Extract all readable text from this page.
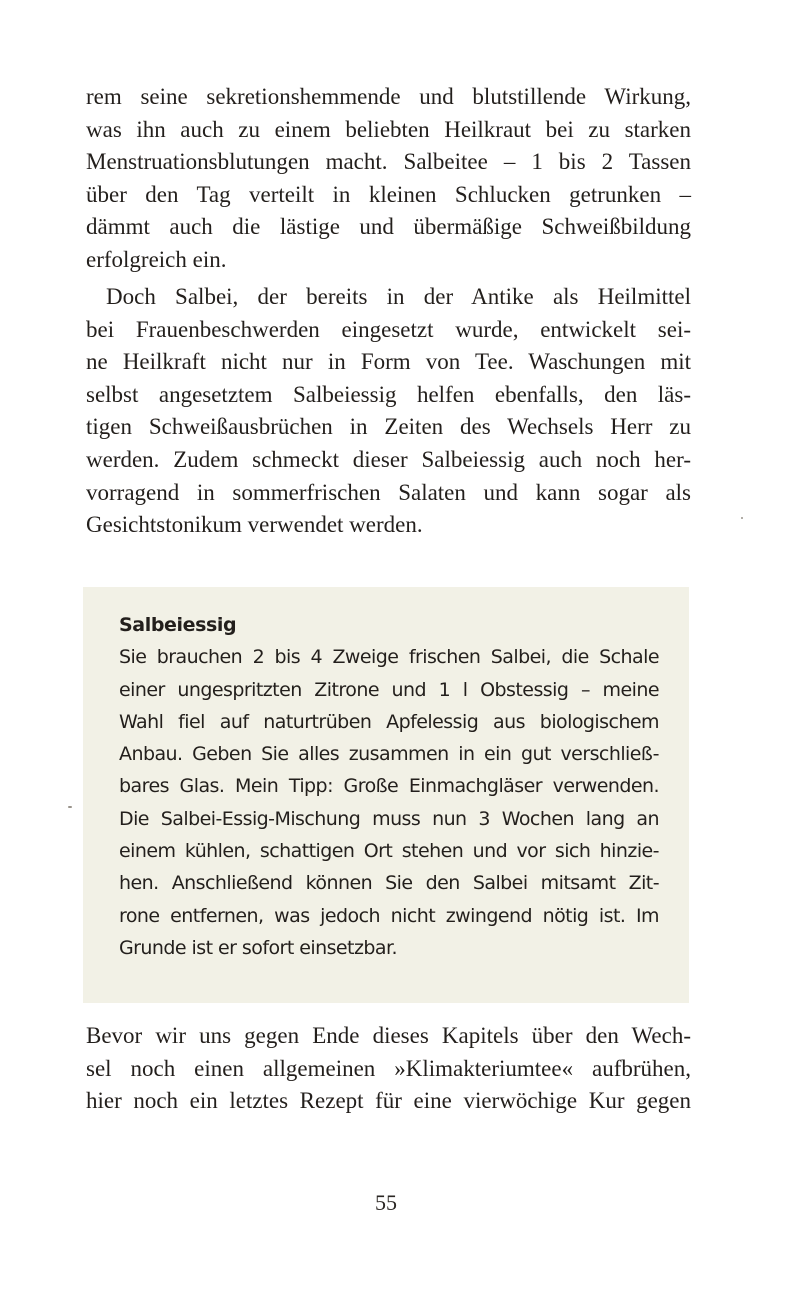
rem seine sekretionshemmende und blutstillende Wirkung,
was ihn auch zu einem beliebten Heilkraut bei zu starken
Menstruationsblutungen macht. Salbeitee – 1 bis 2 Tassen
über den Tag verteilt in kleinen Schlucken getrunken –
dämmt auch die lästige und übermäßige Schweißbildung
erfolgreich ein.

Doch Salbei, der bereits in der Antike als Heilmittel
bei Frauenbeschwerden eingesetzt wurde, entwickelt sei-
ne Heilkraft nicht nur in Form von Tee. Waschungen mit
selbst angesetztem Salbeiessig helfen ebenfalls, den läs-
tigen Schweißausbrüchen in Zeiten des Wechsels Herr zu
werden. Zudem schmeckt dieser Salbeiessig auch noch her-
vorragend in sommerfrischen Salaten und kann sogar als
Gesichtstonikum verwendet werden.

Salbeiessig
Sie brauchen 2 bis 4 Zweige frischen Salbei, die Schale
einer ungespritzten Zitrone und 1 l Obstessig – meine
Wahl fiel auf naturtrüben Apfelessig aus biologischem
Anbau. Geben Sie alles zusammen in ein gut verschließ-
bares Glas. Mein Tipp: Große Einmachgläser verwenden.
Die Salbei-Essig-Mischung muss nun 3 Wochen lang an
einem kühlen, schattigen Ort stehen und vor sich hinzie-
hen. Anschließend können Sie den Salbei mitsamt Zit-
rone entfernen, was jedoch nicht zwingend nötig ist. Im
Grunde ist er sofort einsetzbar.

Bevor wir uns gegen Ende dieses Kapitels über den Wech-
sel noch einen allgemeinen »Klimakteriumtee« aufbrühen,
hier noch ein letztes Rezept für eine vierwöchige Kur gegen

55
